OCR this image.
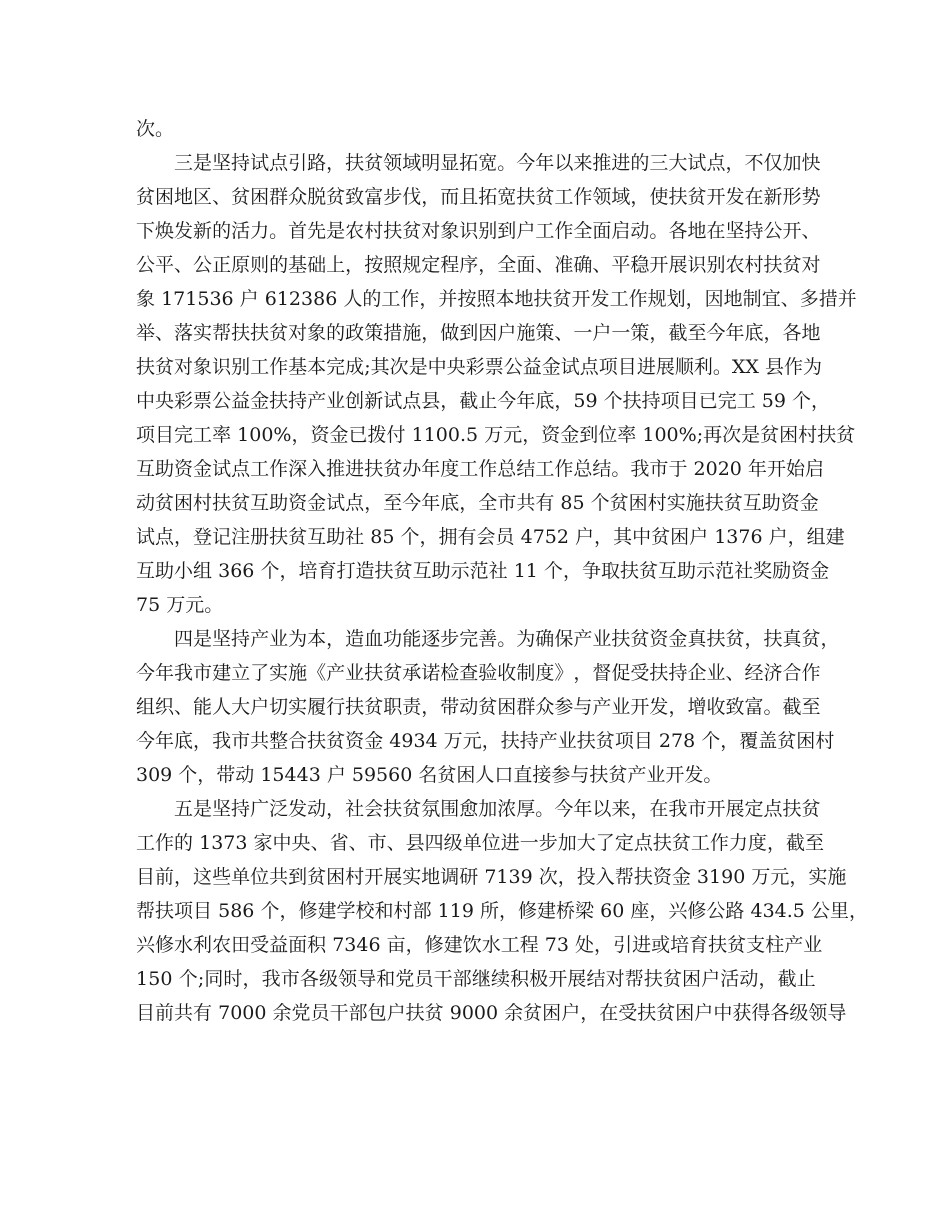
次。
三 是 坚 持 试 点 引 路 ， 扶 贫 领 域 明 显 拓 宽 。 今 年 以 来 推 进 的 三 大 试 点 ， 不 仅 加 快
贫 困 地 区 、 贫 困 群 众 脱 贫 致 富 步 伐 ， 而 且 拓 宽 扶 贫 工 作 领 域 ， 使 扶 贫 开 发 在 新 形 势
下 焕 发 新 的 活 力 。 首 先 是 农 村 扶 贫 对 象 识 别 到 户 工 作 全 面 启 动 。 各 地 在 坚 持 公 开 、
公 平 、 公 正 原 则 的 基 础 上 ， 按 照 规 定 程 序 ， 全 面 、 准 确 、 平 稳 开 展 识 别 农 村 扶 贫 对
象
1 7 1 5 3 6
户
6 1 2 3 8 6
人 的 工 作 ， 并 按 照 本 地 扶 贫 开 发 工 作 规 划 ， 因 地 制 宜 、 多 措 并
举 、 落 实 帮 扶 扶 贫 对 象 的 政 策 措 施 ， 做 到 因 户 施 策 、 一 户 一 策 ， 截 至 今 年 底 ， 各 地
扶 贫 对 象 识 别 工 作 基 本 完 成 ; 其 次 是 中 央 彩 票 公 益 金 试 点 项 目 进 展 顺 利 。 X X
县 作 为
中 央 彩 票 公 益 金 扶 持 产 业 创 新 试 点 县 ， 截 止 今 年 底 ， 5 9
个 扶 持 项 目 已 完 工
5 9
个 ，
项 目 完 工 率
1 0 0 % ， 资 金 已 拨 付
1 1 0 0 . 5
万 元 ， 资 金 到 位 率
1 0 0 % ; 再 次 是 贫 困 村 扶 贫
互 助 资 金 试 点 工 作 深 入 推 进 扶 贫 办 年 度 工 作 总 结 工 作 总 结 。 我 市 于
2 0 2 0
年 开 始 启
动 贫 困 村 扶 贫 互 助 资 金 试 点 ， 至 今 年 底 ， 全 市 共 有
8 5
个 贫 困 村 实 施 扶 贫 互 助 资 金
试 点 ， 登 记 注 册 扶 贫 互 助 社
8 5
个 ， 拥 有 会 员
4 7 5 2
户 ， 其 中 贫 困 户
1 3 7 6
户 ， 组 建
互 助 小 组
3 6 6
个 ， 培 育 打 造 扶 贫 互 助 示 范 社
1 1
个 ， 争 取 扶 贫 互 助 示 范 社 奖 励 资 金
75 万元。
四 是 坚 持 产 业 为 本 ， 造 血 功 能 逐 步 完 善 。 为 确 保 产 业 扶 贫 资 金 真 扶 贫 ， 扶 真 贫 ，
今 年 我 市 建 立 了 实 施 《 产 业 扶 贫 承 诺 检 查 验 收 制 度 》 ， 督 促 受 扶 持 企 业 、 经 济 合 作
组 织 、 能 人 大 户 切 实 履 行 扶 贫 职 责 ， 带 动 贫 困 群 众 参 与 产 业 开 发 ， 增 收 致 富 。 截 至
今 年 底 ， 我 市 共 整 合 扶 贫 资 金
4 9 3 4
万 元 ， 扶 持 产 业 扶 贫 项 目
2 7 8
个 ， 覆 盖 贫 困 村
309 个，带动 15443 户 59560 名贫困人口直接参与扶贫产业开发。
五 是 坚 持 广 泛 发 动 ， 社 会 扶 贫 氛 围 愈 加 浓 厚 。 今 年 以 来 ， 在 我 市 开 展 定 点 扶 贫
工 作 的
1 3 7 3
家 中 央 、 省 、 市 、 县 四 级 单 位 进 一 步 加 大 了 定 点 扶 贫 工 作 力 度 ， 截 至
目 前 ， 这 些 单 位 共 到 贫 困 村 开 展 实 地 调 研
7 1 3 9
次 ， 投 入 帮 扶 资 金
3 1 9 0
万 元 ， 实 施
帮 扶 项 目
5 8 6
个 ， 修 建 学 校 和 村 部
1 1 9
所 ， 修 建 桥 梁
6 0
座 ， 兴 修 公 路
4 3 4 . 5
公 里 ，
兴 修 水 利 农 田 受 益 面 积
7 3 4 6
亩 ， 修 建 饮 水 工 程
7 3
处 ， 引 进 或 培 育 扶 贫 支 柱 产 业
1 5 0
个 ; 同 时 ， 我 市 各 级 领 导 和 党 员 干 部 继 续 积 极 开 展 结 对 帮 扶 贫 困 户 活 动 ， 截 止
目 前 共 有
7 0 0 0
余 党 员 干 部 包 户 扶 贫
9 0 0 0
余 贫 困 户 ， 在 受 扶 贫 困 户 中 获 得 各 级 领 导
